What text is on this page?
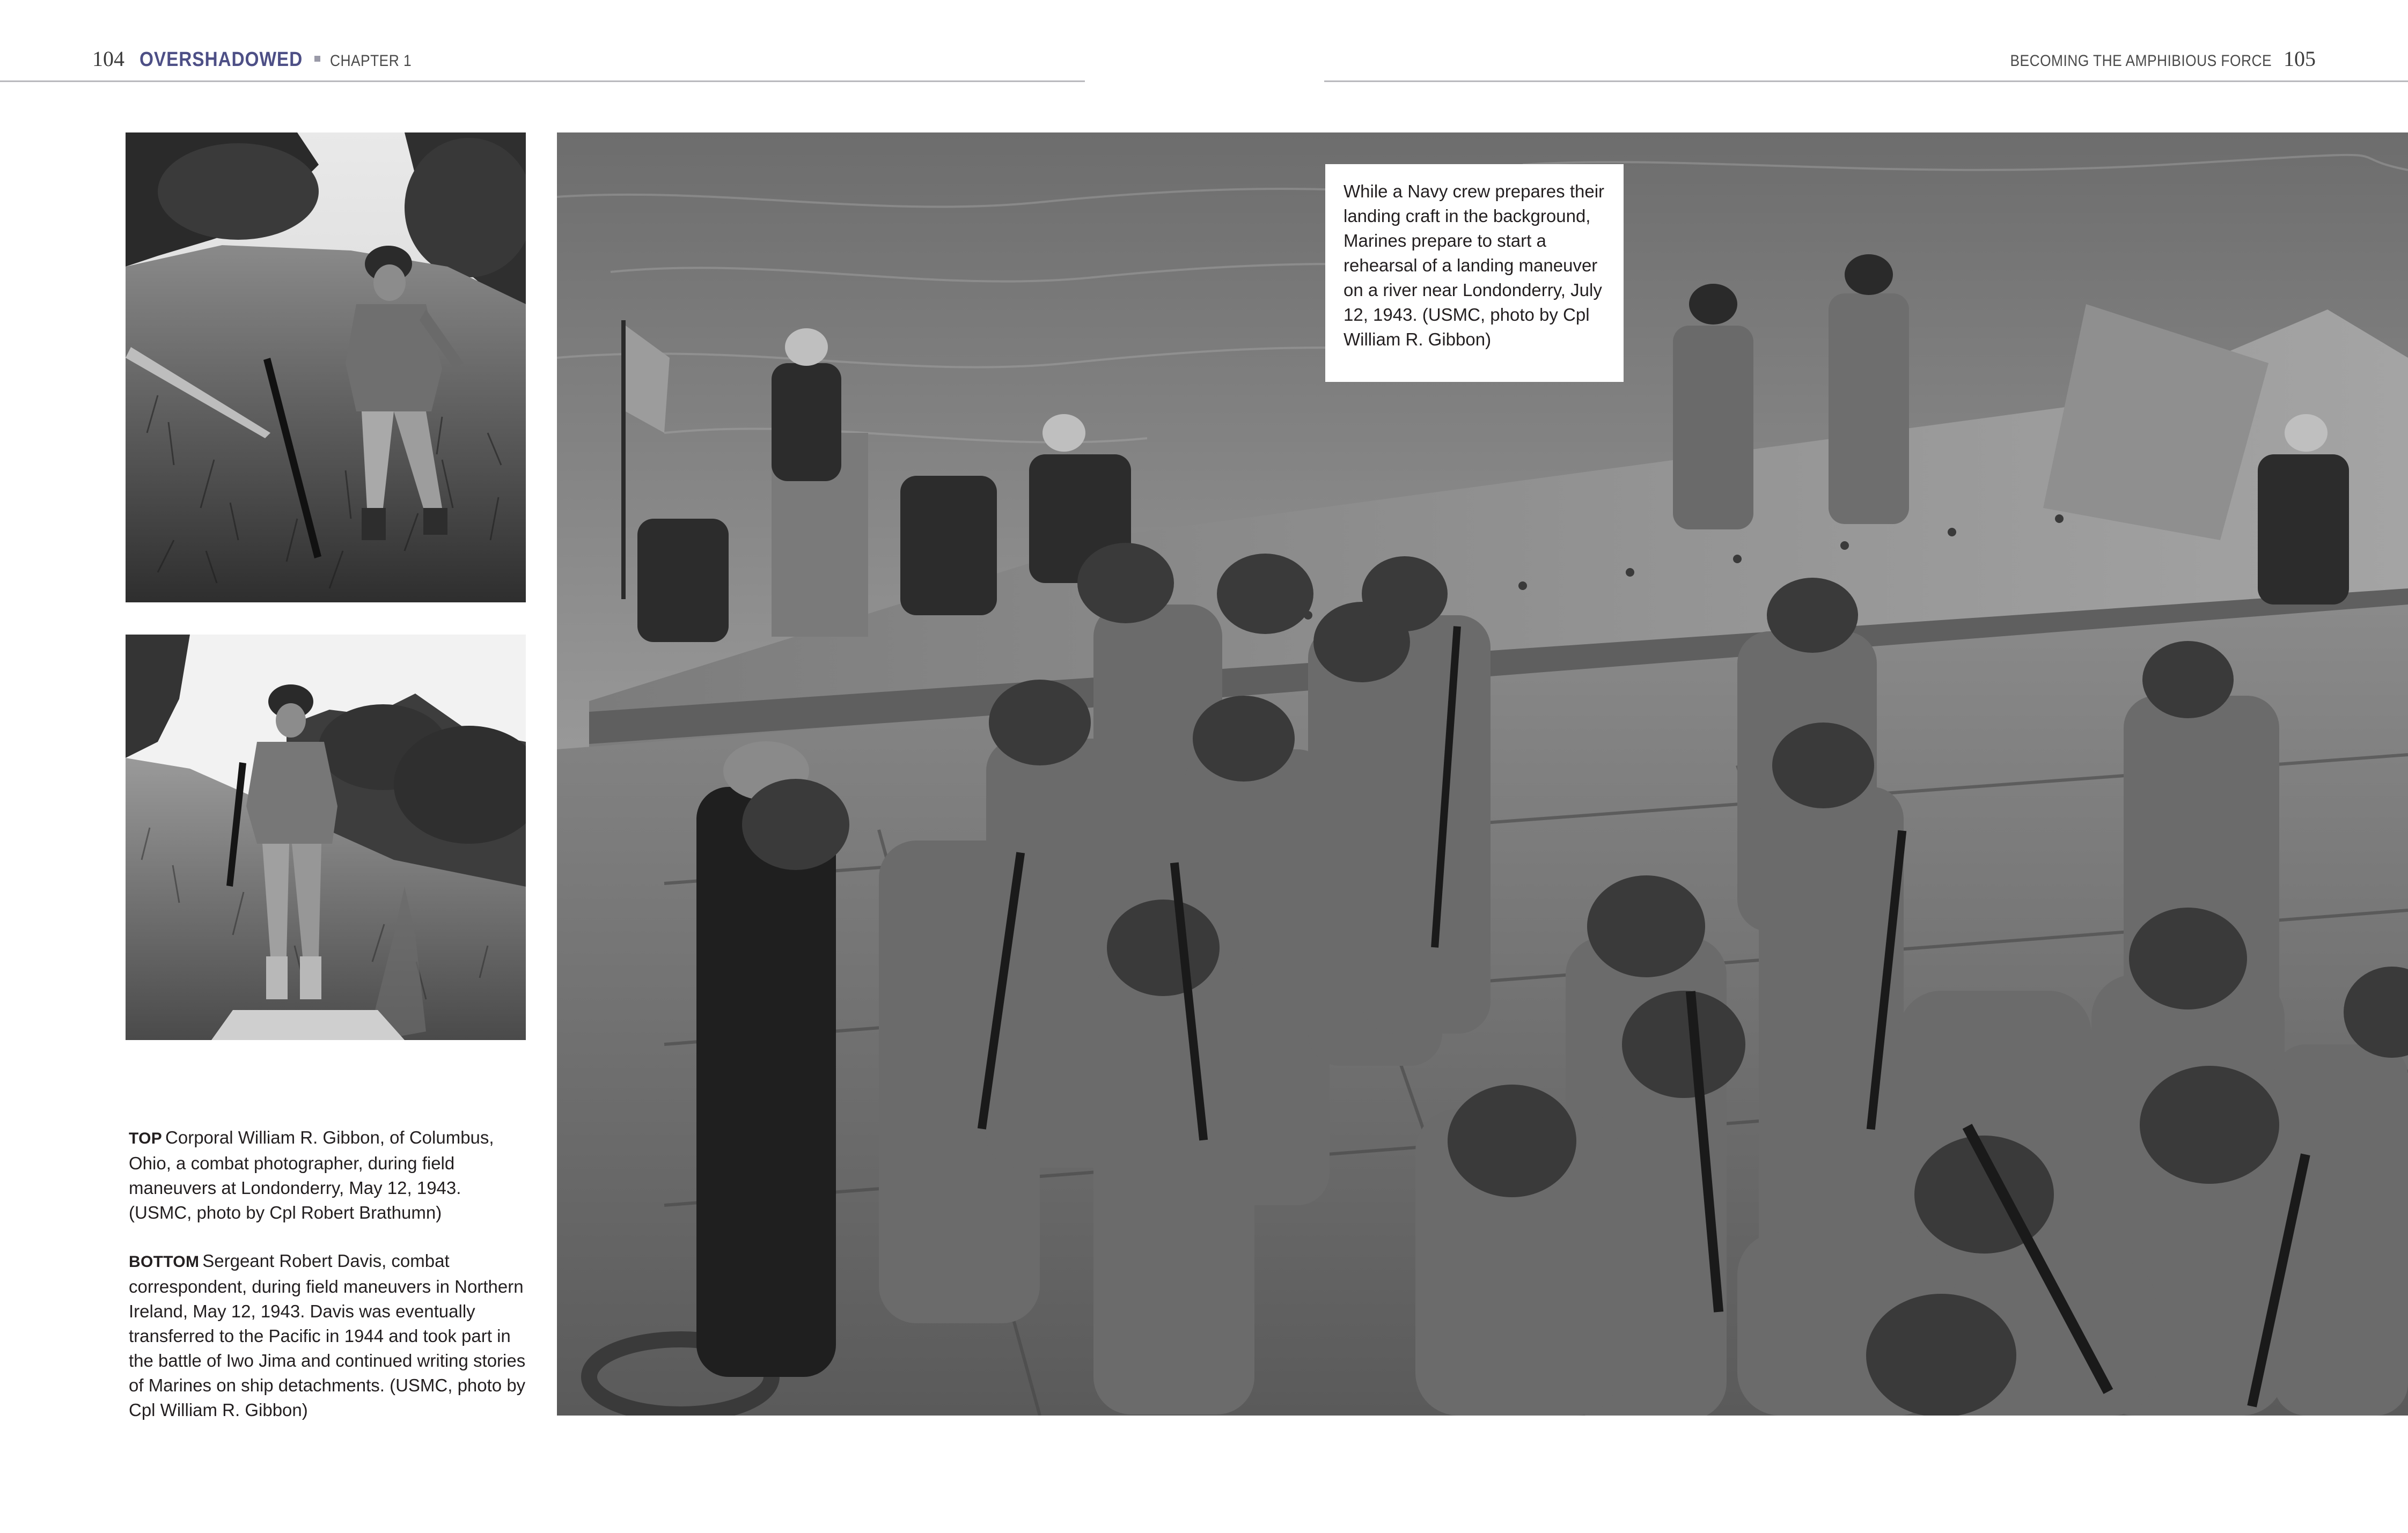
104 OVERSHADOWED CHAPTER 1	BECOMING THE AMPHIBIOUS FORCE 105
While a Navy crew prepares their landing craft in the background, Marines prepare to start a rehearsal of a landing maneuver on a river near Londonderry, July 12, 1943. (USMC, photo by Cpl William R. Gibbon)
TOP Corporal William R. Gibbon, of Columbus, Ohio, a combat photographer, during field maneuvers at Londonderry, May 12, 1943. (USMC, photo by Cpl Robert Brathumn)
BOTTOM Sergeant Robert Davis, combat correspondent, during field maneuvers in Northern Ireland, May 12, 1943. Davis was eventually transferred to the Pacific in 1944 and took part in the battle of Iwo Jima and continued writing stories of Marines on ship detachments. (USMC, photo by Cpl William R. Gibbon)
